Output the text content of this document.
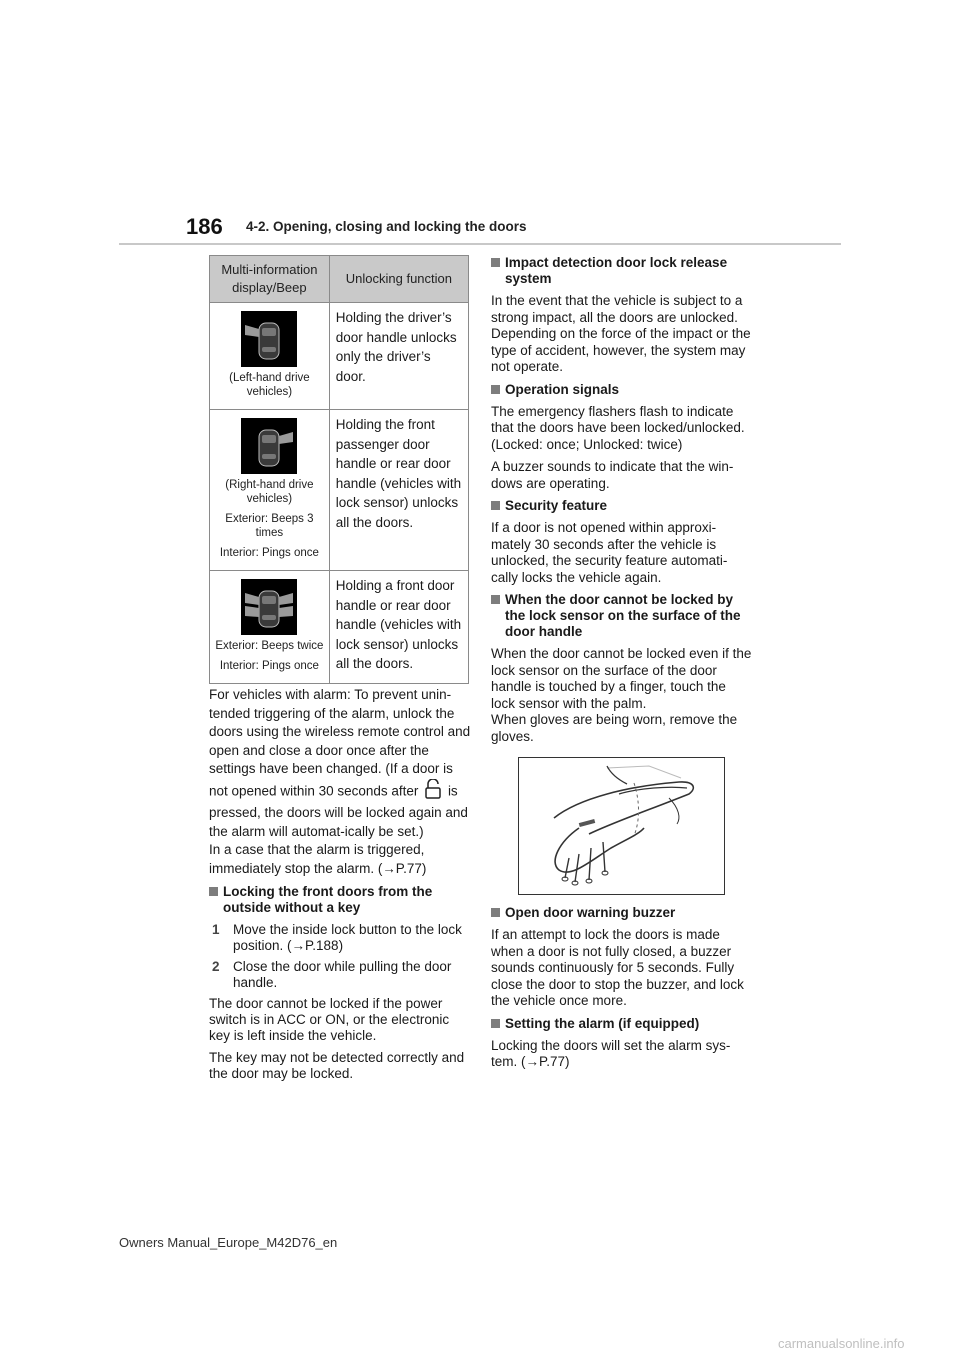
186 4-2. Opening, closing and locking the doors
Multi-information
display/Beep	Unlocking function

(Left-hand drive vehicles)	Holding the driver’s door handle unlocks only the driver’s door.

(Right-hand drive vehicles)
Exterior: Beeps 3 times
Interior: Pings once	Holding the front passenger door handle or rear door handle (vehicles with lock sensor) unlocks all the doors.

Exterior: Beeps twice
Interior: Pings once	Holding a front door handle or rear door handle (vehicles with lock sensor) unlocks all the doors.

For vehicles with alarm: To prevent unin-tended triggering of the alarm, unlock the doors using the wireless remote control and open and close a door once after the settings have been changed. (If a door is not opened within 30 seconds after is pressed, the doors will be locked again and the alarm will automat-ically be set.)
In a case that the alarm is triggered, immediately stop the alarm. (→P.77)

Locking the front doors from the outside without a key
1 Move the inside lock button to the lock position. (→P.188)
2 Close the door while pulling the door handle.

The door cannot be locked if the power switch is in ACC or ON, or the electronic key is left inside the vehicle.

The key may not be detected correctly and the door may be locked.

Impact detection door lock release system

In the event that the vehicle is subject to a strong impact, all the doors are unlocked. Depending on the force of the impact or the type of accident, however, the system may not operate.

Operation signals

The emergency flashers flash to indicate that the doors have been locked/unlocked. (Locked: once; Unlocked: twice)

A buzzer sounds to indicate that the win-dows are operating.

Security feature

If a door is not opened within approxi-mately 30 seconds after the vehicle is unlocked, the security feature automati-cally locks the vehicle again.

When the door cannot be locked by the lock sensor on the surface of the door handle

When the door cannot be locked even if the lock sensor on the surface of the door handle is touched by a finger, touch the lock sensor with the palm.
When gloves are being worn, remove the gloves.

Open door warning buzzer

If an attempt to lock the doors is made when a door is not fully closed, a buzzer sounds continuously for 5 seconds. Fully close the door to stop the buzzer, and lock the vehicle once more.

Setting the alarm (if equipped)

Locking the doors will set the alarm sys-tem. (→P.77)

Owners Manual_Europe_M42D76_en
carmanualsonline.info
